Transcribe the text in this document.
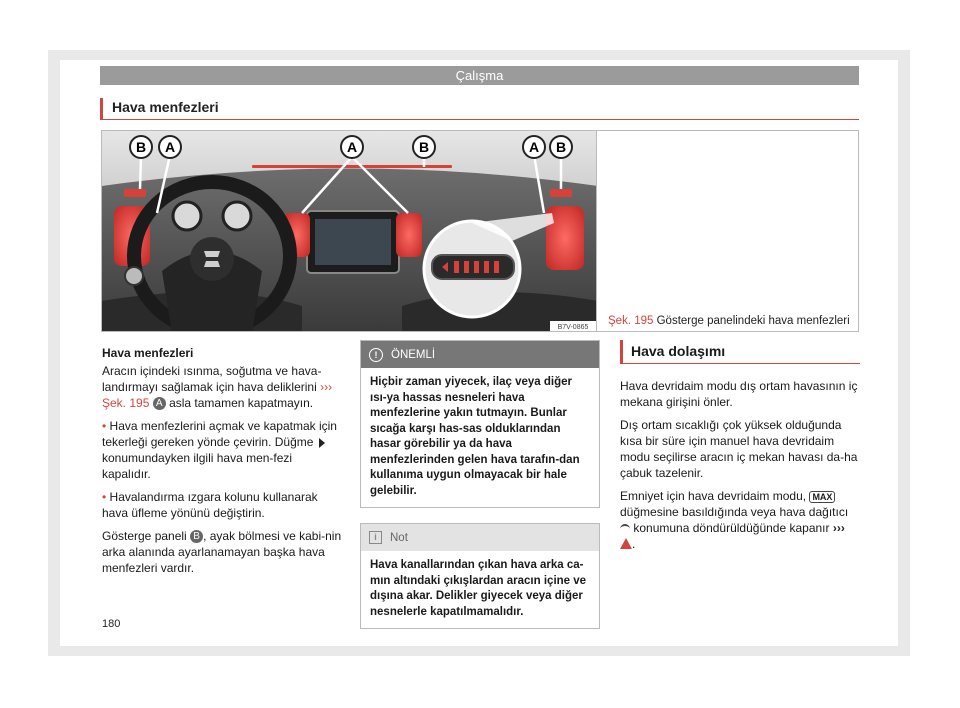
Çalışma
Hava menfezleri
B A	A	B	A B
B7V-0865
Şek. 195 Gösterge panelindeki hava menfezleri

Hava menfezleri

Aracın içindeki ısınma, soğutma ve hava-landırmayı sağlamak için hava deliklerini ››› Şek. 195 A asla tamamen kapatmayın.

• Hava menfezlerini açmak ve kapatmak için tekerleği gereken yönde çevirin. Düğme  konumundayken ilgili hava men-fezi kapalıdır.

• Havalandırma ızgara kolunu kullanarak hava üfleme yönünü değiştirin.

Gösterge paneli B , ayak bölmesi ve kabi-nin arka alanında ayarlanamayan başka hava menfezleri vardır.

!	ÖNEMLİ
Hiçbir zaman yiyecek, ilaç veya diğer ısı-ya hassas nesneleri hava menfezlerine yakın tutmayın. Bunlar sıcağa karşı has-sas olduklarından hasar görebilir ya da hava menfezlerinden gelen hava tarafın-dan kullanıma uygun olmayacak bir hale gelebilir.
i	Not
Hava kanallarından çıkan hava arka ca-mın altındaki çıkışlardan aracın içine ve dışına akar. Delikler giyecek veya diğer nesnelerle kapatılmamalıdır.
Hava dolaşımı

Hava devridaim modu dış ortam havasının iç mekana girişini önler.

Dış ortam sıcaklığı çok yüksek olduğunda kısa bir süre için manuel hava devridaim modu seçilirse aracın iç mekan havası da-ha çabuk tazelenir.

Emniyet için hava devridaim modu, MAX düğmesine basıldığında veya hava dağıtıcı  konumuna döndürüldüğünde kapanır ››› .

180
